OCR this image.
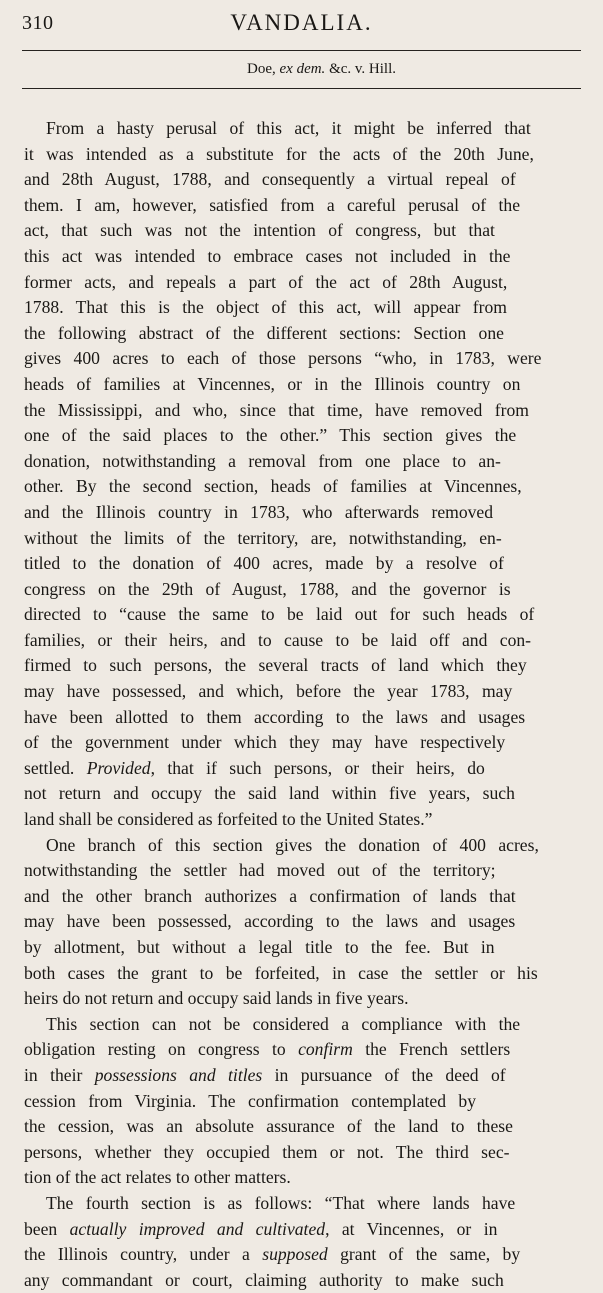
310	VANDALIA.
Doe, ex dem. &c. v. Hill.
From a hasty perusal of this act, it might be inferred that
it was intended as a substitute for the acts of the 20th June,
and 28th August, 1788, and consequently a virtual repeal of
them. I am, however, satisfied from a careful perusal of the
act, that such was not the intention of congress, but that
this act was intended to embrace cases not included in the
former acts, and repeals a part of the act of 28th August,
1788. That this is the object of this act, will appear from
the following abstract of the different sections: Section one
gives 400 acres to each of those persons “who, in 1783, were
heads of families at Vincennes, or in the Illinois country on
the Mississippi, and who, since that time, have removed from
one of the said places to the other.” This section gives the
donation, notwithstanding a removal from one place to an-
other. By the second section, heads of families at Vincennes,
and the Illinois country in 1783, who afterwards removed
without the limits of the territory, are, notwithstanding, en-
titled to the donation of 400 acres, made by a resolve of
congress on the 29th of August, 1788, and the governor is
directed to “cause the same to be laid out for such heads of
families, or their heirs, and to cause to be laid off and con-
firmed to such persons, the several tracts of land which they
may have possessed, and which, before the year 1783, may
have been allotted to them according to the laws and usages
of the government under which they may have respectively
settled. Provided, that if such persons, or their heirs, do
not return and occupy the said land within five years, such
land shall be considered as forfeited to the United States.”
One branch of this section gives the donation of 400 acres,
notwithstanding the settler had moved out of the territory;
and the other branch authorizes a confirmation of lands that
may have been possessed, according to the laws and usages
by allotment, but without a legal title to the fee. But in
both cases the grant to be forfeited, in case the settler or his
heirs do not return and occupy said lands in five years.
This section can not be considered a compliance with the
obligation resting on congress to confirm the French settlers
in their possessions and titles in pursuance of the deed of
cession from Virginia. The confirmation contemplated by
the cession, was an absolute assurance of the land to these
persons, whether they occupied them or not. The third sec-
tion of the act relates to other matters.
The fourth section is as follows: “That where lands have
been actually improved and cultivated, at Vincennes, or in
the Illinois country, under a supposed grant of the same, by
any commandant or court, claiming authority to make such
